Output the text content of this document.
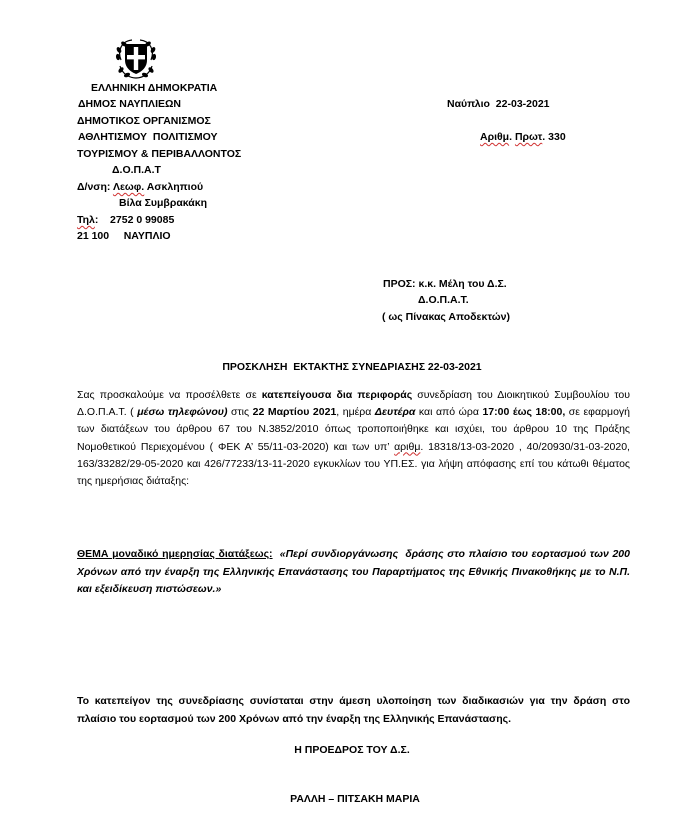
ΕΛΛΗΝΙΚΗ ΔΗΜΟΚΡΑΤΙΑ
ΔΗΜΟΣ ΝΑΥΠΛΙΕΩΝ
ΔΗΜΟΤΙΚΟΣ ΟΡΓΑΝΙΣΜΟΣ
ΑΘΛΗΤΙΣΜΟΥ  ΠΟΛΙΤΙΣΜΟΥ
ΤΟΥΡΙΣΜΟΥ & ΠΕΡΙΒΑΛΛΟΝΤΟΣ
Δ.Ο.Π.Α.Τ
Δ/νση: Λεωφ. Ασκληπιού
Βίλα Συμβρακάκη
Τηλ:    2752 0 99085
21 100     ΝΑΥΠΛΙΟ
Ναύπλιο  22-03-2021
Αριθμ. Πρωτ. 330
ΠΡΟΣ: κ.κ. Μέλη του Δ.Σ.
Δ.Ο.Π.Α.Τ.
( ως Πίνακας Αποδεκτών)
ΠΡΟΣΚΛΗΣΗ  ΕΚΤΑΚΤΗΣ ΣΥΝΕΔΡΙΑΣΗΣ 22-03-2021
Σας προσκαλούμε να προσέλθετε σε κατεπείγουσα δια περιφοράς συνεδρίαση του Διοικητικού Συμβουλίου του Δ.Ο.Π.Α.Τ. ( μέσω τηλεφώνου) στις 22 Μαρτίου 2021, ημέρα Δευτέρα και από ώρα 17:00 έως 18:00, σε εφαρμογή των διατάξεων του άρθρου 67 του Ν.3852/2010 όπως τροποποιήθηκε και ισχύει, του άρθρου 10 της Πράξης Νομοθετικού Περιεχομένου ( ΦΕΚ Α’ 55/11-03-2020) και των υπ’ αριθμ. 18318/13-03-2020 , 40/20930/31-03-2020, 163/33282/29-05-2020 και 426/77233/13-11-2020 εγκυκλίων του ΥΠ.ΕΣ. για λήψη απόφασης επί του κάτωθι θέματος της ημερήσιας διάταξης:
ΘΕΜΑ μοναδικό ημερησίας διατάξεως:  «Περί συνδιοργάνωσης  δράσης στο πλαίσιο του εορτασμού των 200 Χρόνων από την έναρξη της Ελληνικής Επανάστασης του Παραρτήματος της Εθνικής Πινακοθήκης με το Ν.Π. και εξειδίκευση πιστώσεων.»
Το κατεπείγον της συνεδρίασης συνίσταται στην άμεση υλοποίηση των διαδικασιών για την δράση στο πλαίσιο του εορτασμού των 200 Χρόνων από την έναρξη της Ελληνικής Επανάστασης.
Η ΠΡΟΕΔΡΟΣ ΤΟΥ Δ.Σ.
ΡΑΛΛΗ – ΠΙΤΣΑΚΗ ΜΑΡΙΑ
